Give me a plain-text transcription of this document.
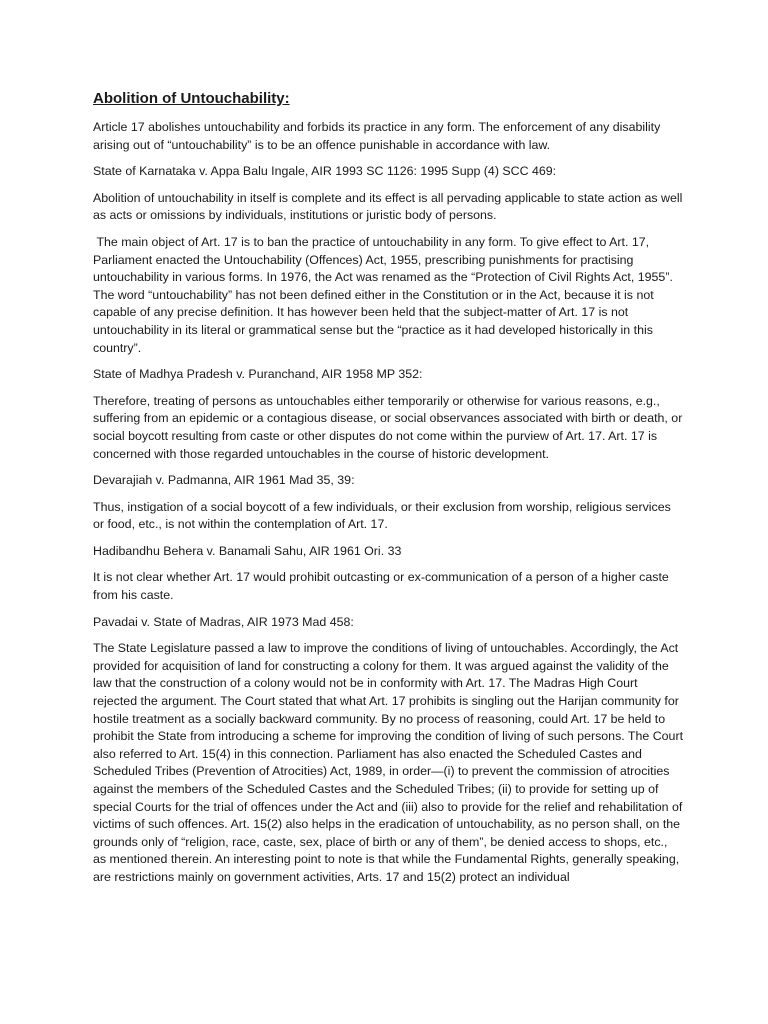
Abolition of Untouchability:

Article 17 abolishes untouchability and forbids its practice in any form. The enforcement of any disability arising out of “untouchability” is to be an offence punishable in accordance with law.

State of Karnataka v. Appa Balu Ingale, AIR 1993 SC 1126: 1995 Supp (4) SCC 469:

Abolition of untouchability in itself is complete and its effect is all pervading applicable to state action as well as acts or omissions by individuals, institutions or juristic body of persons.

The main object of Art. 17 is to ban the practice of untouchability in any form. To give effect to Art. 17, Parliament enacted the Untouchability (Offences) Act, 1955, prescribing punishments for practising untouchability in various forms. In 1976, the Act was renamed as the “Protection of Civil Rights Act, 1955”. The word “untouchability” has not been defined either in the Constitution or in the Act, because it is not capable of any precise definition. It has however been held that the subject-matter of Art. 17 is not untouchability in its literal or grammatical sense but the “practice as it had developed historically in this country”.

State of Madhya Pradesh v. Puranchand, AIR 1958 MP 352:

Therefore, treating of persons as untouchables either temporarily or otherwise for various reasons, e.g., suffering from an epidemic or a contagious disease, or social observances associated with birth or death, or social boycott resulting from caste or other disputes do not come within the purview of Art. 17. Art. 17 is concerned with those regarded untouchables in the course of historic development.

Devarajiah v. Padmanna, AIR 1961 Mad 35, 39:

Thus, instigation of a social boycott of a few individuals, or their exclusion from worship, religious services or food, etc., is not within the contemplation of Art. 17.

Hadibandhu Behera v. Banamali Sahu, AIR 1961 Ori. 33

It is not clear whether Art. 17 would prohibit outcasting or ex-communication of a person of a higher caste from his caste.

Pavadai v. State of Madras, AIR 1973 Mad 458:

The State Legislature passed a law to improve the conditions of living of untouchables. Accordingly, the Act provided for acquisition of land for constructing a colony for them. It was argued against the validity of the law that the construction of a colony would not be in conformity with Art. 17. The Madras High Court rejected the argument. The Court stated that what Art. 17 prohibits is singling out the Harijan community for hostile treatment as a socially backward community. By no process of reasoning, could Art. 17 be held to prohibit the State from introducing a scheme for improving the condition of living of such persons. The Court also referred to Art. 15(4) in this connection. Parliament has also enacted the Scheduled Castes and Scheduled Tribes (Prevention of Atrocities) Act, 1989, in order—(i) to prevent the commission of atrocities against the members of the Scheduled Castes and the Scheduled Tribes; (ii) to provide for setting up of special Courts for the trial of offences under the Act and (iii) also to provide for the relief and rehabilitation of victims of such offences. Art. 15(2) also helps in the eradication of untouchability, as no person shall, on the grounds only of “religion, race, caste, sex, place of birth or any of them”, be denied access to shops, etc., as mentioned therein. An interesting point to note is that while the Fundamental Rights, generally speaking, are restrictions mainly on government activities, Arts. 17 and 15(2) protect an individual
